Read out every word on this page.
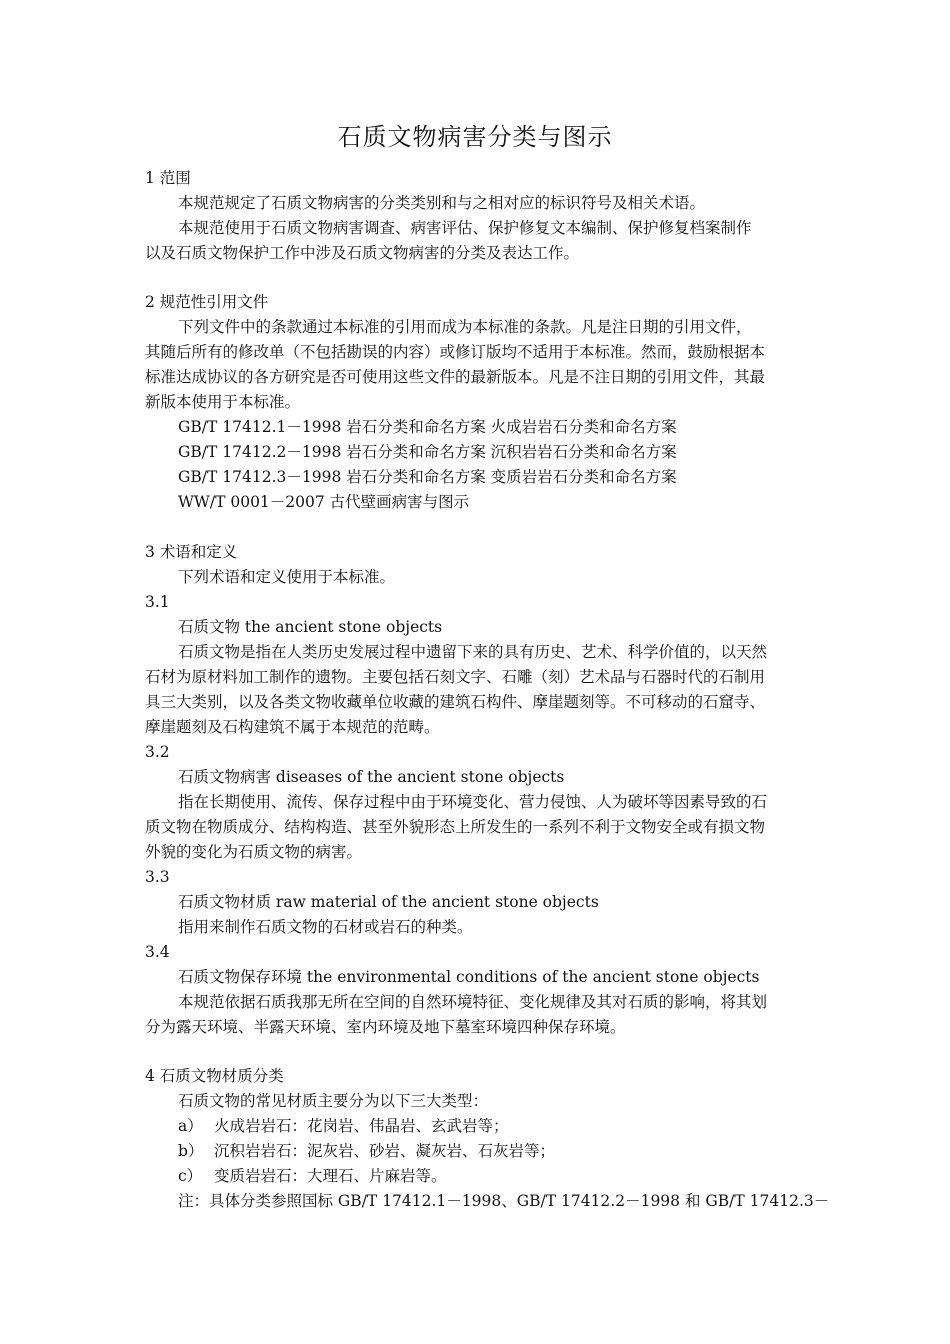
石质文物病害分类与图示
1 范围
本规范规定了石质文物病害的分类类别和与之相对应的标识符号及相关术语。
本规范使用于石质文物病害调查、病害评估、保护修复文本编制、保护修复档案制作
以及石质文物保护工作中涉及石质文物病害的分类及表达工作。
2 规范性引用文件
下列文件中的条款通过本标准的引用而成为本标准的条款。凡是注日期的引用文件，
其随后所有的修改单（不包括勘误的内容）或修订版均不适用于本标准。然而，鼓励根据本
标准达成协议的各方研究是否可使用这些文件的最新版本。凡是不注日期的引用文件，其最
新版本使用于本标准。
GB/T 17412.1－1998 岩石分类和命名方案 火成岩岩石分类和命名方案
GB/T 17412.2－1998 岩石分类和命名方案 沉积岩岩石分类和命名方案
GB/T 17412.3－1998 岩石分类和命名方案 变质岩岩石分类和命名方案
WW/T 0001－2007 古代壁画病害与图示
3 术语和定义
下列术语和定义使用于本标准。
3.1
石质文物 the ancient stone objects
石质文物是指在人类历史发展过程中遗留下来的具有历史、艺术、科学价值的，以天然
石材为原材料加工制作的遗物。主要包括石刻文字、石雕（刻）艺术品与石器时代的石制用
具三大类别，以及各类文物收藏单位收藏的建筑石构件、摩崖题刻等。不可移动的石窟寺、
摩崖题刻及石构建筑不属于本规范的范畴。
3.2
石质文物病害 diseases of the ancient stone objects
指在长期使用、流传、保存过程中由于环境变化、营力侵蚀、人为破坏等因素导致的石
质文物在物质成分、结构构造、甚至外貌形态上所发生的一系列不利于文物安全或有损文物
外貌的变化为石质文物的病害。
3.3
石质文物材质 raw material of the ancient stone objects
指用来制作石质文物的石材或岩石的种类。
3.4
石质文物保存环境 the environmental conditions of the ancient stone objects
本规范依据石质我那无所在空间的自然环境特征、变化规律及其对石质的影响，将其划
分为露天环境、半露天环境、室内环境及地下墓室环境四种保存环境。
4 石质文物材质分类
石质文物的常见材质主要分为以下三大类型：
a） 火成岩岩石：花岗岩、伟晶岩、玄武岩等；
b） 沉积岩岩石：泥灰岩、砂岩、凝灰岩、石灰岩等；
c） 变质岩岩石：大理石、片麻岩等。
注：具体分类参照国标 GB/T 17412.1－1998、GB/T 17412.2－1998 和 GB/T 17412.3－
